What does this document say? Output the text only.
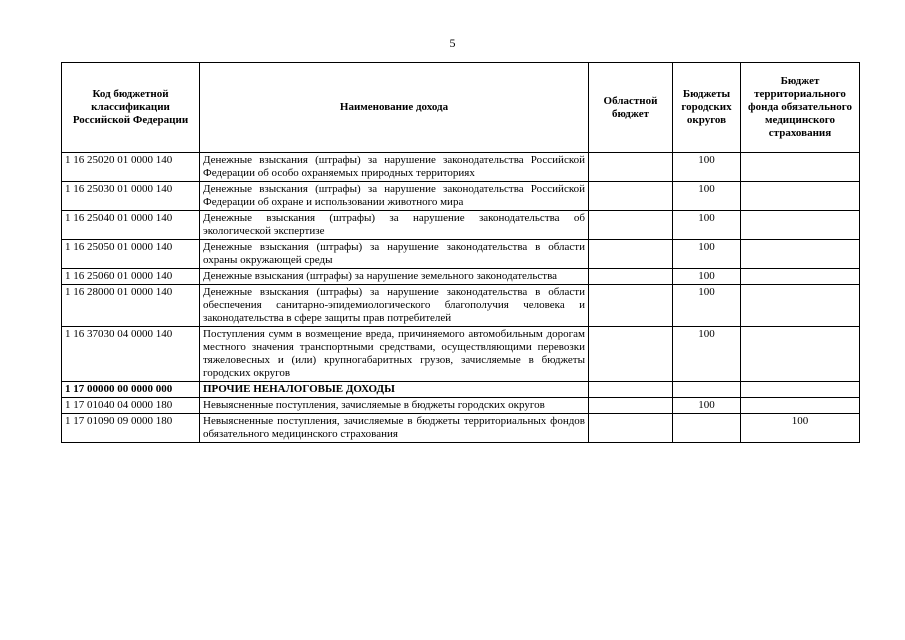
5
Код бюджетной классификации Российской Федерации	Наименование дохода	Областной бюджет	Бюджеты городских округов	Бюджет территориального фонда обязательного медицинского страхования
1 16 25020 01 0000 140	Денежные взыскания (штрафы) за нарушение законодательства Российской Федерации об особо охраняемых природных территориях		100	
1 16 25030 01 0000 140	Денежные взыскания (штрафы) за нарушение законодательства Российской Федерации об охране и использовании животного мира		100	
1 16 25040 01 0000 140	Денежные взыскания (штрафы) за нарушение законодательства об экологической экспертизе		100	
1 16 25050 01 0000 140	Денежные взыскания (штрафы) за нарушение законодательства в области охраны окружающей среды		100	
1 16 25060 01 0000 140	Денежные взыскания (штрафы) за нарушение земельного законодательства		100	
1 16 28000 01 0000 140	Денежные взыскания (штрафы) за нарушение законодательства в области обеспечения санитарно-эпидемиологического благополучия человека и законодательства в сфере защиты прав потребителей		100	
1 16 37030 04 0000 140	Поступления сумм в возмещение вреда, причиняемого автомобильным дорогам местного значения транспортными средствами, осуществляющими перевозки тяжеловесных и (или) крупногабаритных грузов, зачисляемые в бюджеты городских округов		100	
1 17 00000 00 0000 000	ПРОЧИЕ НЕНАЛОГОВЫЕ ДОХОДЫ			
1 17 01040 04 0000 180	Невыясненные поступления, зачисляемые в бюджеты городских округов		100	
1 17 01090 09 0000 180	Невыясненные поступления, зачисляемые в бюджеты территориальных фондов обязательного медицинского страхования			100
